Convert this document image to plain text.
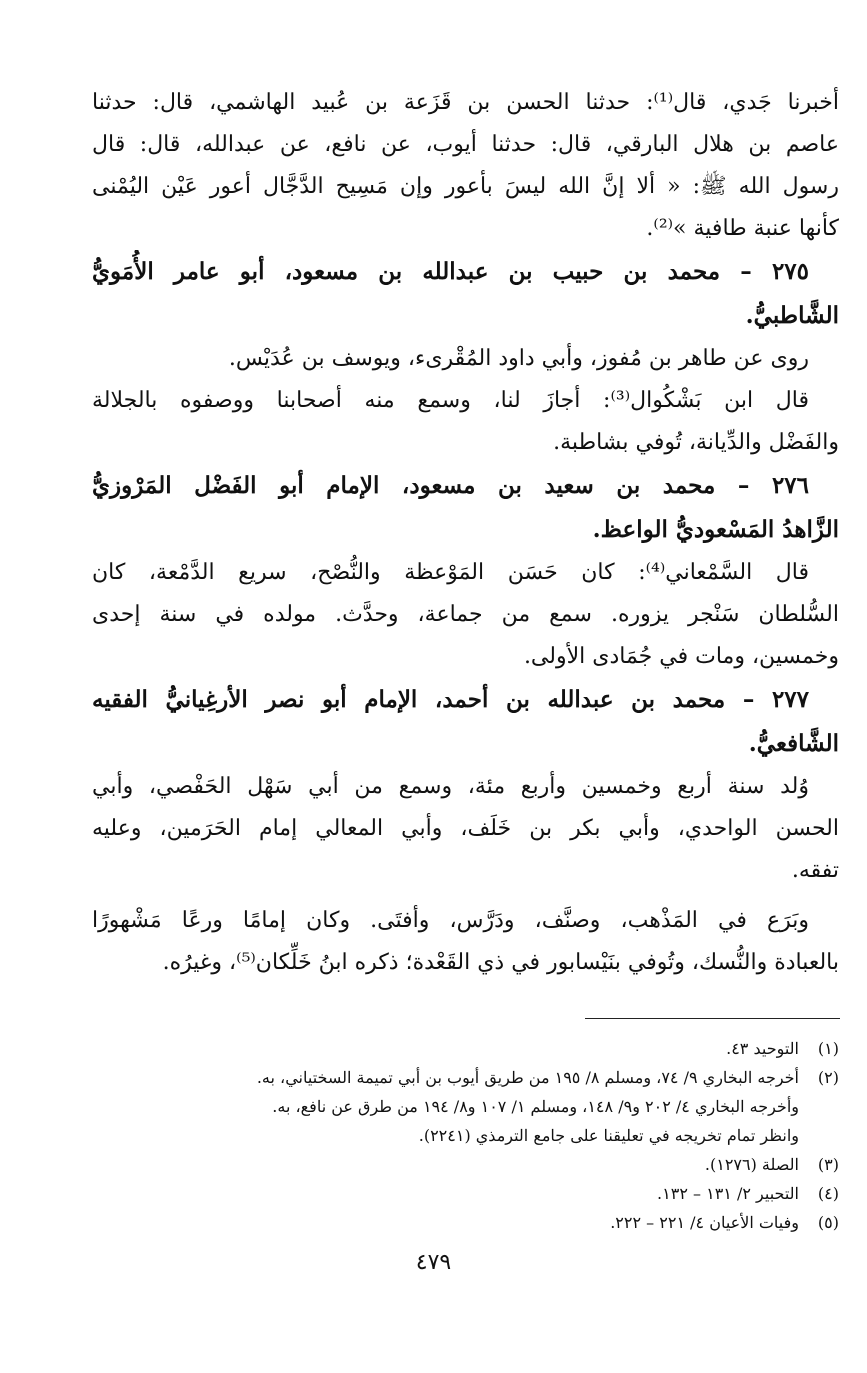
أخبرنا جَدي، قال⁽¹⁾: حدثنا الحسن بن قَزَعة بن عُبيد الهاشمي، قال: حدثنا
عاصم بن هلال البارقي، قال: حدثنا أيوب، عن نافع، عن عبدالله، قال: قال
رسول الله ﷺ: « ألا إنَّ الله ليسَ بأعور وإن مَسِيح الدَّجَّال أعور عَيْن اليُمْنى
كأنها عنبة طافية »⁽²⁾.
٢٧٥ – محمد بن حبيب بن عبدالله بن مسعود، أبو عامر الأُمَويُّ
الشَّاطبيُّ.
روى عن طاهر بن مُفوز، وأبي داود المُقْرىء، ويوسف بن عُدَيْس.
قال ابن بَشْكُوال⁽³⁾: أجازَ لنا، وسمع منه أصحابنا ووصفوه بالجلالة
والفَضْل والدِّيانة، تُوفي بشاطبة.
٢٧٦ – محمد بن سعيد بن مسعود، الإمام أبو الفَضْل المَرْوزيُّ
الزَّاهدُ المَسْعوديُّ الواعظ.
قال السَّمْعاني⁽⁴⁾: كان حَسَن المَوْعظة والنُّصْح، سريع الدَّمْعة، كان
السُّلطان سَنْجر يزوره. سمع من جماعة، وحدَّث. مولده في سنة إحدى
وخمسين، ومات في جُمَادى الأولى.
٢٧٧ – محمد بن عبدالله بن أحمد، الإمام أبو نصر الأرغِيانيُّ الفقيه
الشَّافعيُّ.
وُلد سنة أربع وخمسين وأربع مئة، وسمع من أبي سَهْل الحَفْصي، وأبي
الحسن الواحدي، وأبي بكر بن خَلَف، وأبي المعالي إمام الحَرَمين، وعليه
تفقه.
وبَرَع في المَذْهب، وصنَّف، ودَرَّس، وأفتَى. وكان إمامًا ورعًا مَشْهورًا
بالعبادة والنُّسك، وتُوفي بنَيْسابور في ذي القَعْدة؛ ذكره ابنُ خَلِّكان⁽⁵⁾، وغيرُه.
(١)التوحيد ٤٣.
(٢)أخرجه البخاري ٩/ ٧٤، ومسلم ٨/ ١٩٥ من طريق أيوب بن أبي تميمة السختياني، به.
وأخرجه البخاري ٤/ ٢٠٢ و٩/ ١٤٨، ومسلم ١/ ١٠٧ و٨/ ١٩٤ من طرق عن نافع، به.
وانظر تمام تخريجه في تعليقنا على جامع الترمذي (٢٢٤١).
(٣)الصلة (١٢٧٦).
(٤)التحبير ٢/ ١٣١ – ١٣٢.
(٥)وفيات الأعيان ٤/ ٢٢١ – ٢٢٢.
٤٧٩
